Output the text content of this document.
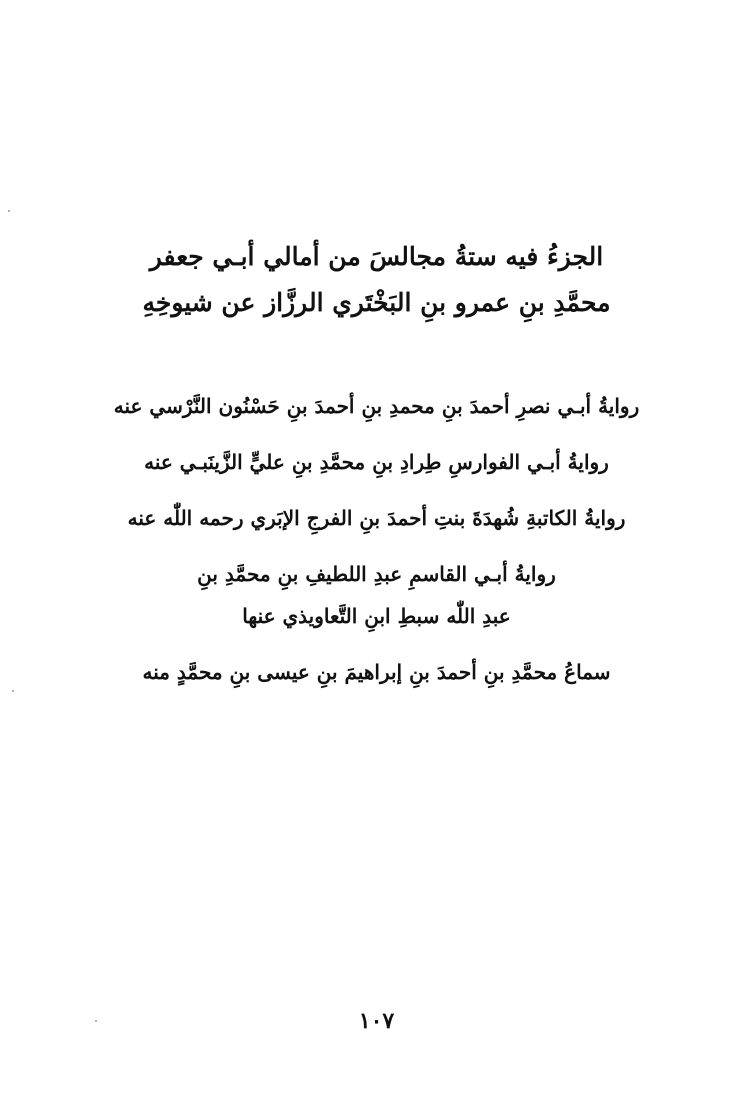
الجزءُ فيه ستةُ مجالسَ من أمالي أبـي جعفر
محمَّدِ بنِ عمرو بنِ البَخْتَري الرزَّاز عن شيوخِهِ
روايةُ أبـي نصرِ أحمدَ بنِ محمدِ بنِ أحمدَ بنِ حَسْنُون النَّرْسي عنه
روايةُ أبـي الفوارسِ طِرادِ بنِ محمَّدِ بنِ عليٍّ الزَّينَبـي عنه
روايةُ الكاتبةِ شُهدَةَ بنتِ أحمدَ بنِ الفرجِ الإبَري رحمه اللّٰه عنه
روايةُ أبـي القاسمِ عبدِ اللطيفِ بنِ محمَّدِ بنِ
عبدِ اللّٰه سبطِ ابنِ التَّعاويذي عنها
سماعُ محمَّدِ بنِ أحمدَ بنِ إبراهيمَ بنِ عيسى بنِ محمَّدٍ منه
١٠٧
